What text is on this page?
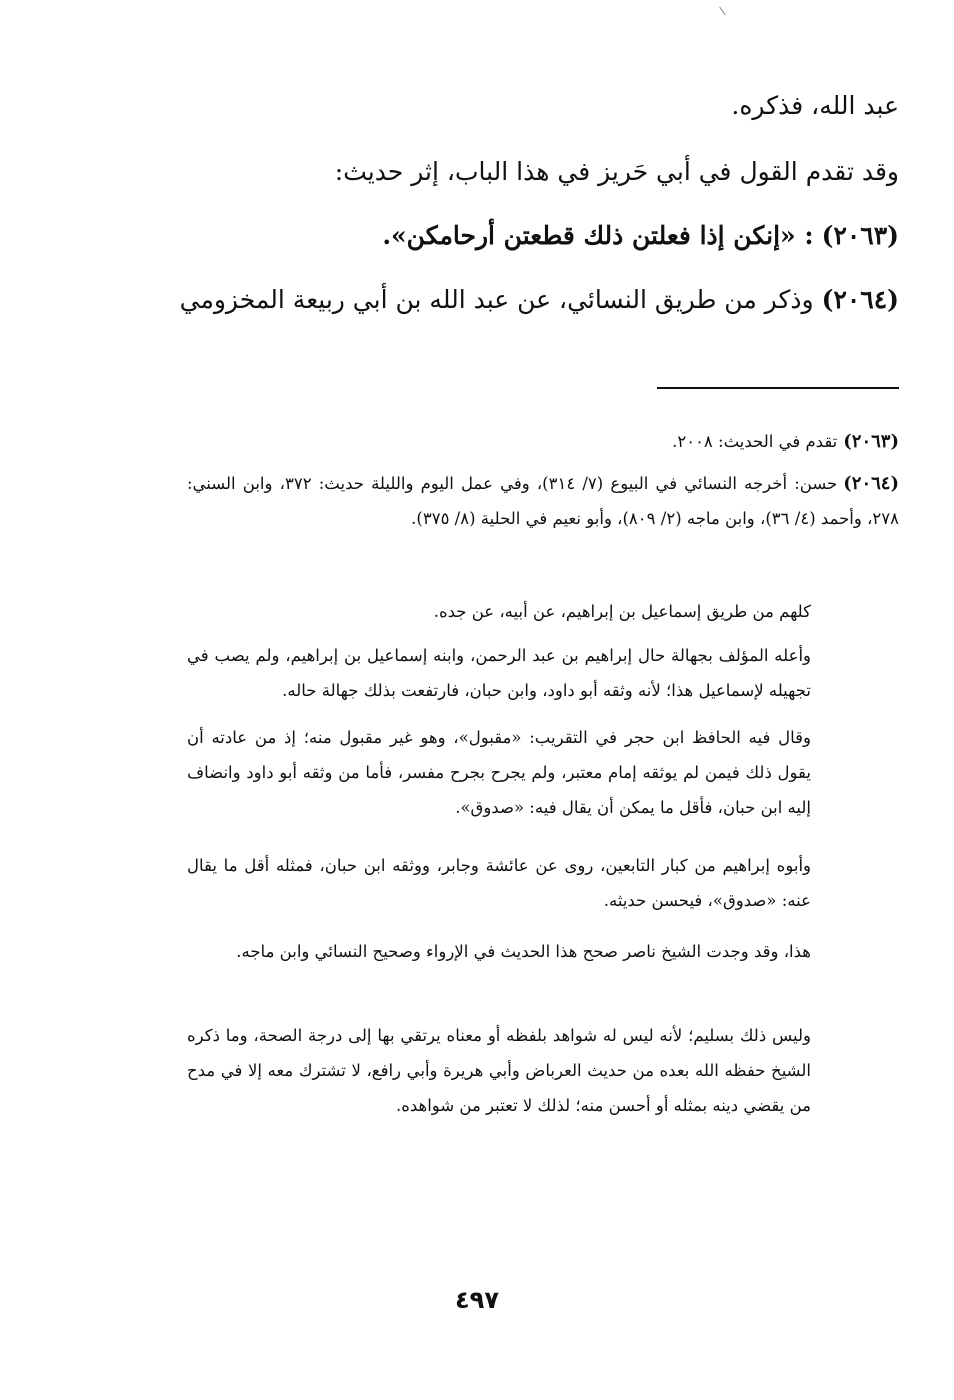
عبد الله، فذكره.
وقد تقدم القول في أبي حَريز في هذا الباب، إثر حديث:
(٢٠٦٣): «إنكن إذا فعلتن ذلك قطعتن أرحامكن».
(٢٠٦٤)وذكر من طريق النسائي، عن عبد الله بن أبي ربيعة المخزومي
(٢٠٦٣)تقدم في الحديث: ٢٠٠٨.
(٢٠٦٤)حسن: أخرجه النسائي في البيوع (٧/ ٣١٤)، وفي عمل اليوم والليلة حديث: ٣٧٢، وابن السني: ٢٧٨، وأحمد (٤/ ٣٦)، وابن ماجه (٢/ ٨٠٩)، وأبو نعيم في الحلية (٨/ ٣٧٥).
كلهم من طريق إسماعيل بن إبراهيم، عن أبيه، عن جده.
وأعله المؤلف بجهالة حال إبراهيم بن عبد الرحمن، وابنه إسماعيل بن إبراهيم، ولم يصب في تجهيله لإسماعيل هذا؛ لأنه وثقه أبو داود، وابن حبان، فارتفعت بذلك جهالة حاله.
وقال فيه الحافظ ابن حجر في التقريب: «مقبول»، وهو غير مقبول منه؛ إذ من عادته أن يقول ذلك فيمن لم يوثقه إمام معتبر، ولم يجرح بجرح مفسر، فأما من وثقه أبو داود وانضاف إليه ابن حبان، فأقل ما يمكن أن يقال فيه: «صدوق».
وأبوه إبراهيم من كبار التابعين، روى عن عائشة وجابر، ووثقه ابن حبان، فمثله أقل ما يقال عنه: «صدوق»، فيحسن حديثه.
هذا، وقد وجدت الشيخ ناصر صحح هذا الحديث في الإرواء وصحيح النسائي وابن ماجه.
وليس ذلك بسليم؛ لأنه ليس له شواهد بلفظه أو معناه يرتقي بها إلى درجة الصحة، وما ذكره الشيخ حفظه الله بعده من حديث العرباض وأبي هريرة وأبي رافع، لا تشترك معه إلا في مدح من يقضي دينه بمثله أو أحسن منه؛ لذلك لا تعتبر من شواهده.
٤٩٧
